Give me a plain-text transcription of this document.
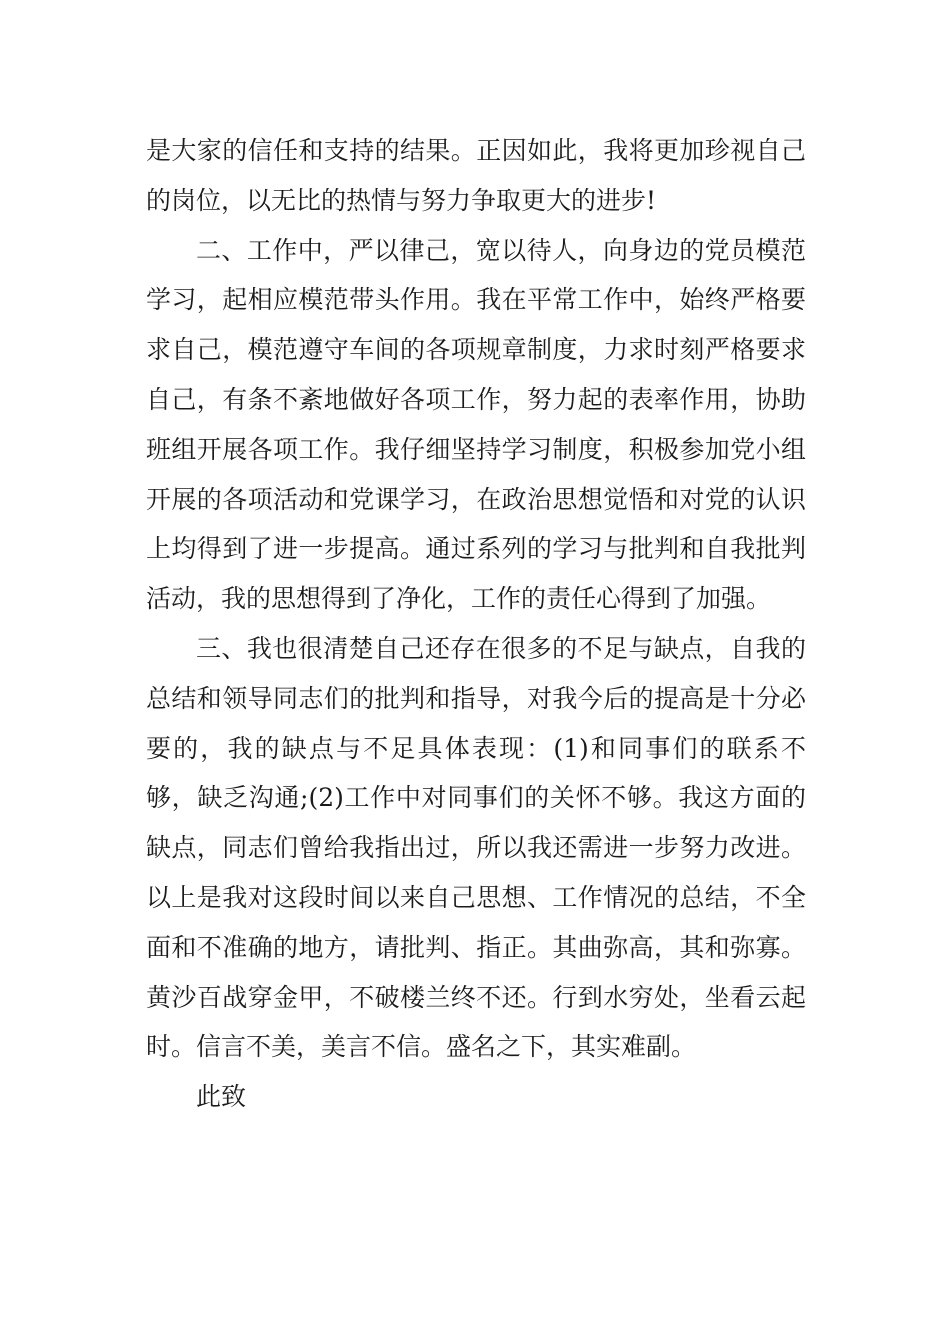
是大家的信任和支持的结果。正因如此，我将更加珍视自己的岗位，以无比的热情与努力争取更大的进步!

二、工作中，严以律己，宽以待人，向身边的党员模范学习，起相应模范带头作用。我在平常工作中，始终严格要求自己，模范遵守车间的各项规章制度，力求时刻严格要求自己，有条不紊地做好各项工作，努力起的表率作用，协助班组开展各项工作。我仔细坚持学习制度，积极参加党小组开展的各项活动和党课学习，在政治思想觉悟和对党的认识上均得到了进一步提高。通过系列的学习与批判和自我批判活动，我的思想得到了净化，工作的责任心得到了加强。

三、我也很清楚自己还存在很多的不足与缺点，自我的总结和领导同志们的批判和指导，对我今后的提高是十分必要的，我的缺点与不足具体表现：(1)和同事们的联系不够，缺乏沟通;(2)工作中对同事们的关怀不够。我这方面的缺点，同志们曾给我指出过，所以我还需进一步努力改进。以上是我对这段时间以来自己思想、工作情况的总结，不全面和不准确的地方，请批判、指正。其曲弥高，其和弥寡。黄沙百战穿金甲，不破楼兰终不还。行到水穷处，坐看云起时。信言不美，美言不信。盛名之下，其实难副。

此致
